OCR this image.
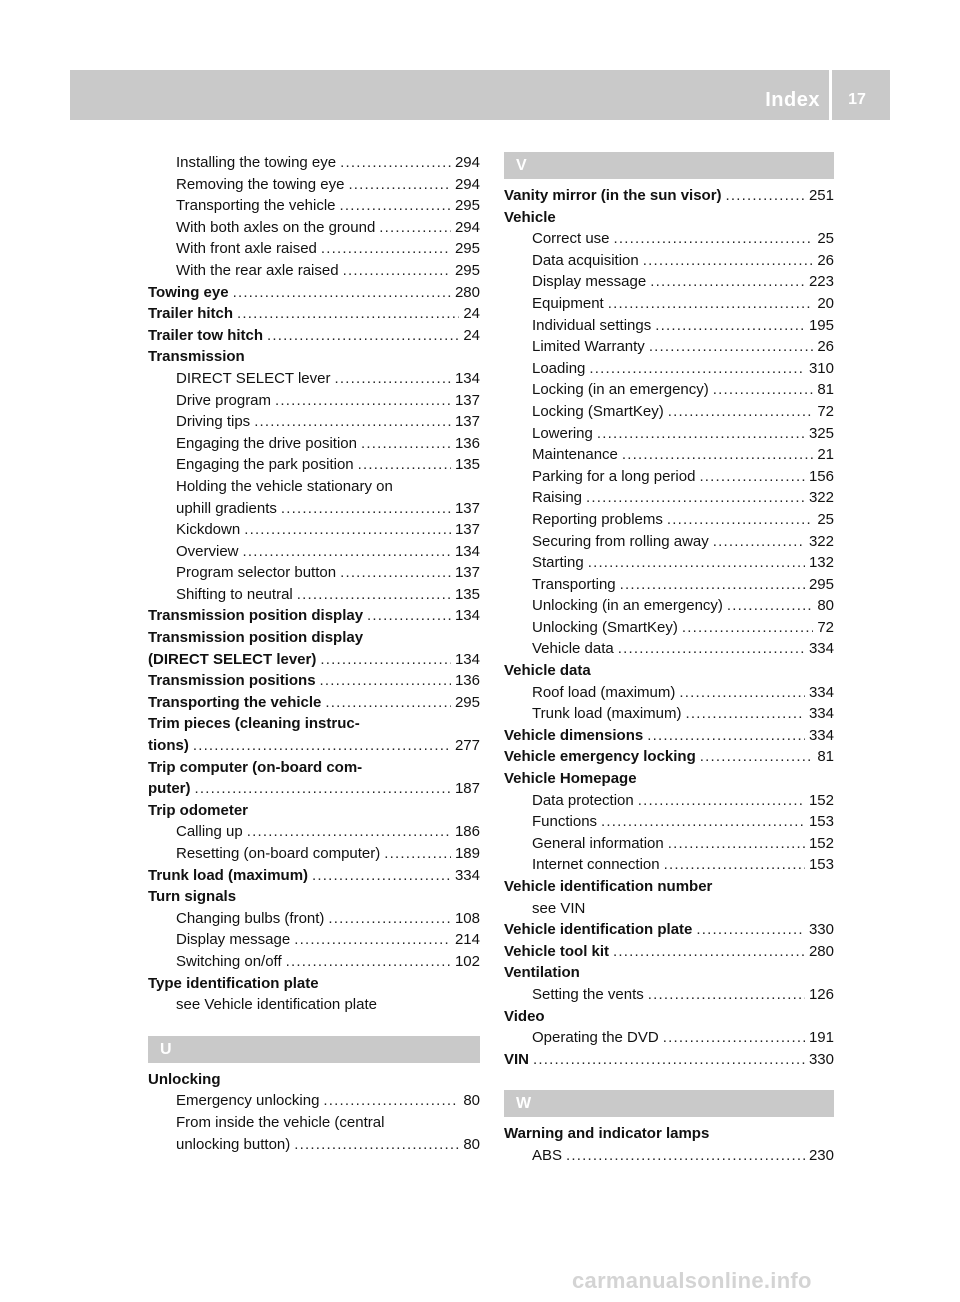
Index	17
Installing the towing eye .....	294
Removing the towing eye .....	294
Transporting the vehicle .....	295
With both axles on the ground .....	294
With front axle raised .....	295
With the rear axle raised .....	295
Towing eye .....	280
Trailer hitch .....	24
Trailer tow hitch .....	24
Transmission
DIRECT SELECT lever .....	134
Drive program .....	137
Driving tips .....	137
Engaging the drive position .....	136
Engaging the park position .....	135
Holding the vehicle stationary on
uphill gradients .....	137
Kickdown .....	137
Overview .....	134
Program selector button .....	137
Shifting to neutral .....	135
Transmission position display .....	134
Transmission position display
(DIRECT SELECT lever) .....	134
Transmission positions .....	136
Transporting the vehicle .....	295
Trim pieces (cleaning instruc-
tions) .....	277
Trip computer (on-board com-
puter) .....	187
Trip odometer
Calling up .....	186
Resetting (on-board computer) .....	189
Trunk load (maximum) .....	334
Turn signals
Changing bulbs (front) .....	108
Display message .....	214
Switching on/off .....	102
Type identification plate
see Vehicle identification plate
U
Unlocking
Emergency unlocking .....	80
From inside the vehicle (central
unlocking button) .....	80
V
Vanity mirror (in the sun visor) .....	251
Vehicle
Correct use .....	25
Data acquisition .....	26
Display message .....	223
Equipment .....	20
Individual settings .....	195
Limited Warranty .....	26
Loading .....	310
Locking (in an emergency) .....	81
Locking (SmartKey) .....	72
Lowering .....	325
Maintenance .....	21
Parking for a long period .....	156
Raising .....	322
Reporting problems .....	25
Securing from rolling away .....	322
Starting .....	132
Transporting .....	295
Unlocking (in an emergency) .....	80
Unlocking (SmartKey) .....	72
Vehicle data .....	334
Vehicle data
Roof load (maximum) .....	334
Trunk load (maximum) .....	334
Vehicle dimensions .....	334
Vehicle emergency locking .....	81
Vehicle Homepage
Data protection .....	152
Functions .....	153
General information .....	152
Internet connection .....	153
Vehicle identification number
see VIN
Vehicle identification plate .....	330
Vehicle tool kit .....	280
Ventilation
Setting the vents .....	126
Video
Operating the DVD .....	191
VIN .....	330
W
Warning and indicator lamps
ABS .....	230
carmanualsonline.info
